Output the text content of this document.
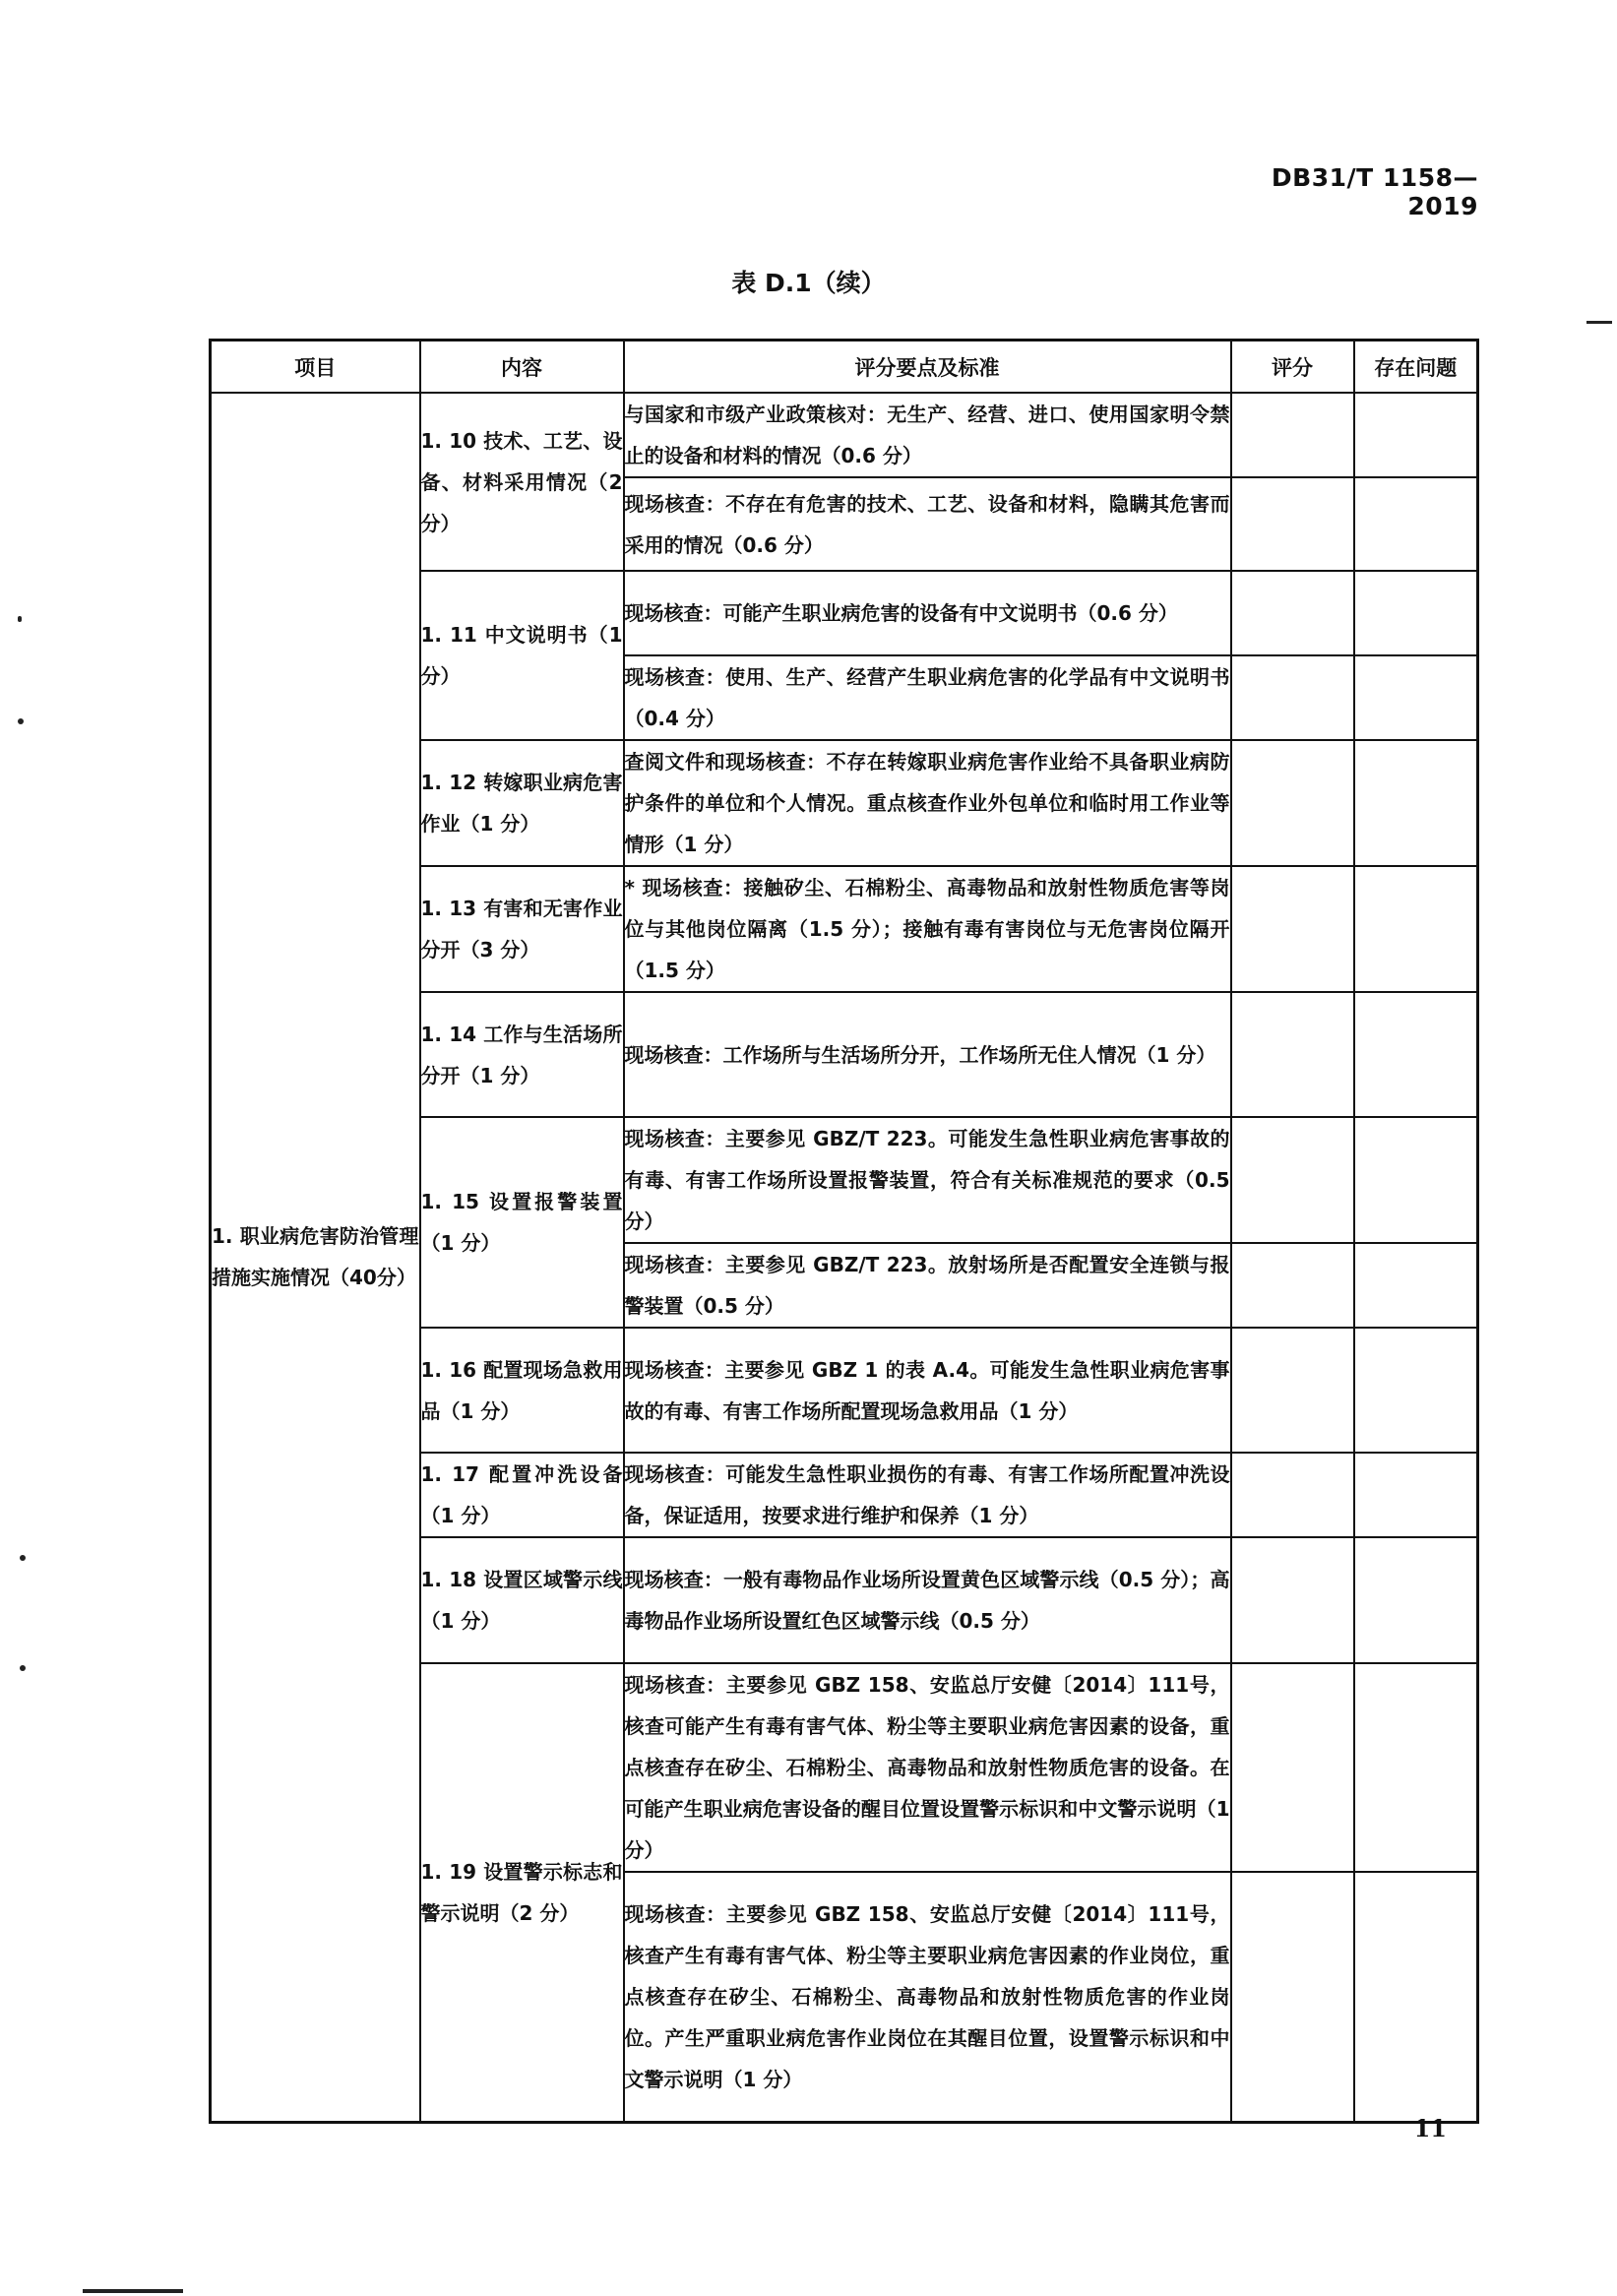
DB31/T 1158—2019
表 D.1（续）
项目	内容	评分要点及标准	评分	存在问题
1. 职业病危害防治管理措施实施情况（40分）	1. 10 技术、工艺、设备、材料采用情况（2 分）	与国家和市级产业政策核对：无生产、经营、进口、使用国家明令禁止的设备和材料的情况（0.6 分）		
		现场核查：不存在有危害的技术、工艺、设备和材料，隐瞒其危害而采用的情况（0.6 分）		
	1. 11 中文说明书（1 分）	现场核查：可能产生职业病危害的设备有中文说明书（0.6 分）		
		现场核查：使用、生产、经营产生职业病危害的化学品有中文说明书（0.4 分）		
	1. 12 转嫁职业病危害作业（1 分）	查阅文件和现场核查：不存在转嫁职业病危害作业给不具备职业病防护条件的单位和个人情况。重点核查作业外包单位和临时用工作业等情形（1 分）		
	1. 13 有害和无害作业分开（3 分）	* 现场核查：接触矽尘、石棉粉尘、高毒物品和放射性物质危害等岗位与其他岗位隔离（1.5 分）；接触有毒有害岗位与无危害岗位隔开（1.5 分）		
	1. 14 工作与生活场所分开（1 分）	现场核查：工作场所与生活场所分开，工作场所无住人情况（1 分）		
	1. 15 设置报警装置（1 分）	现场核查：主要参见 GBZ/T 223。可能发生急性职业病危害事故的有毒、有害工作场所设置报警装置，符合有关标准规范的要求（0.5 分）		
		现场核查：主要参见 GBZ/T 223。放射场所是否配置安全连锁与报警装置（0.5 分）		
	1. 16 配置现场急救用品（1 分）	现场核查：主要参见 GBZ 1 的表 A.4。可能发生急性职业病危害事故的有毒、有害工作场所配置现场急救用品（1 分）		
	1. 17 配置冲洗设备（1 分）	现场核查：可能发生急性职业损伤的有毒、有害工作场所配置冲洗设备，保证适用，按要求进行维护和保养（1 分）		
	1. 18 设置区域警示线（1 分）	现场核查：一般有毒物品作业场所设置黄色区域警示线（0.5 分）；高毒物品作业场所设置红色区域警示线（0.5 分）		
	1. 19 设置警示标志和警示说明（2 分）	现场核查：主要参见 GBZ 158、安监总厅安健〔2014〕111号，核查可能产生有毒有害气体、粉尘等主要职业病危害因素的设备，重点核查存在矽尘、石棉粉尘、高毒物品和放射性物质危害的设备。在可能产生职业病危害设备的醒目位置设置警示标识和中文警示说明（1 分）		
		现场核查：主要参见 GBZ 158、安监总厅安健〔2014〕111号，核查产生有毒有害气体、粉尘等主要职业病危害因素的作业岗位，重点核查存在矽尘、石棉粉尘、高毒物品和放射性物质危害的作业岗位。产生严重职业病危害作业岗位在其醒目位置，设置警示标识和中文警示说明（1 分）		
11
